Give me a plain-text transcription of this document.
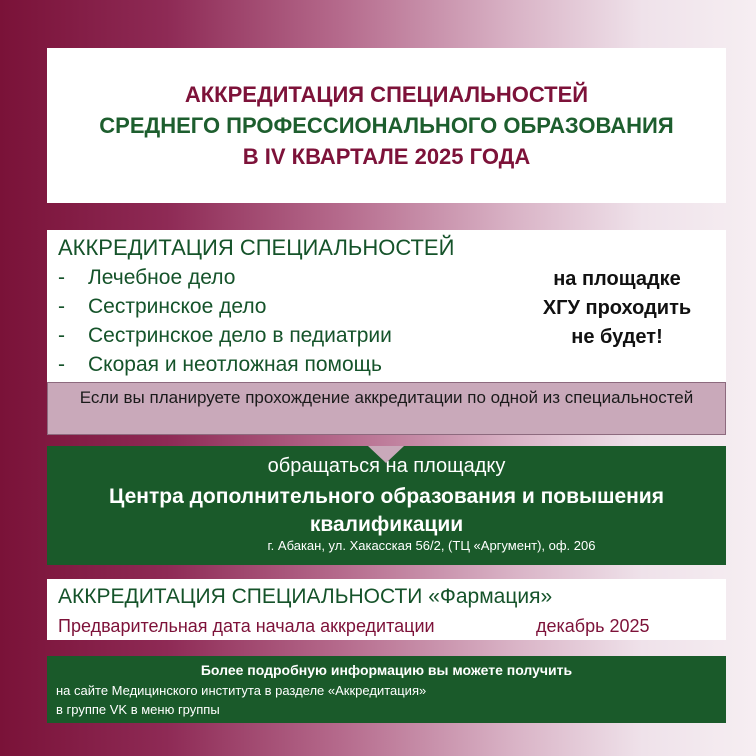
АККРЕДИТАЦИЯ СПЕЦИАЛЬНОСТЕЙ
СРЕДНЕГО ПРОФЕССИОНАЛЬНОГО ОБРАЗОВАНИЯ
В IV КВАРТАЛЕ 2025 ГОДА
АККРЕДИТАЦИЯ СПЕЦИАЛЬНОСТЕЙ
- Лечебное дело
- Сестринское дело
- Сестринское дело в педиатрии
- Скорая и неотложная помощь
на площадке
ХГУ проходить
не будет!
Если вы планируете прохождение аккредитации по одной из специальностей
обращаться на площадку
Центра дополнительного образования и повышения квалификации
г. Абакан, ул. Хакасская 56/2, (ТЦ «Аргумент), оф. 206
АККРЕДИТАЦИЯ СПЕЦИАЛЬНОСТИ «Фармация»
Предварительная дата начала аккредитации	декабрь 2025
Более подробную информацию вы можете получить
на сайте Медицинского института в разделе «Аккредитация»
в группе VK в меню группы
